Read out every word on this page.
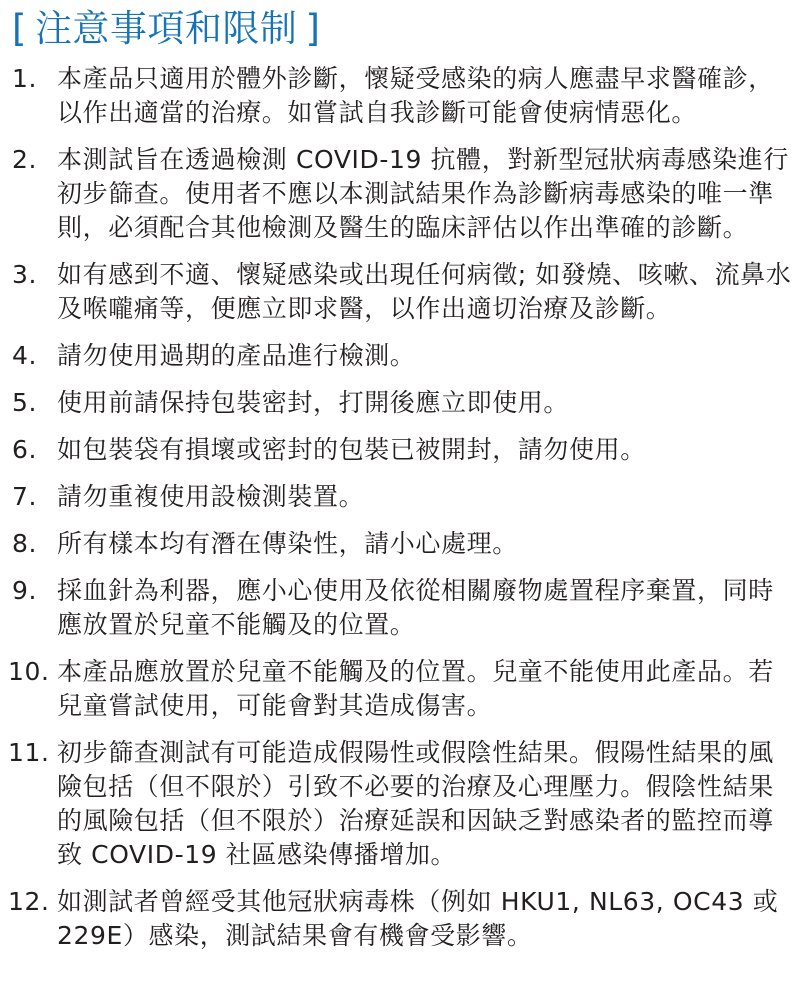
[ 注意事項和限制 ]
1. 本產品只適用於體外診斷，懷疑受感染的病人應盡早求醫確診，以作出適當的治療。如嘗試自我診斷可能會使病情惡化。
2. 本測試旨在透過檢測 COVID-19 抗體，對新型冠狀病毒感染進行初步篩查。使用者不應以本測試結果作為診斷病毒感染的唯一準則，必須配合其他檢測及醫生的臨床評估以作出準確的診斷。
3. 如有感到不適、懷疑感染或出現任何病徵; 如發燒、咳嗽、流鼻水及喉嚨痛等，便應立即求醫，以作出適切治療及診斷。
4. 請勿使用過期的產品進行檢測。
5. 使用前請保持包裝密封，打開後應立即使用。
6. 如包裝袋有損壞或密封的包裝已被開封，請勿使用。
7. 請勿重複使用設檢測裝置。
8. 所有樣本均有潛在傳染性，請小心處理。
9. 採血針為利器，應小心使用及依從相關廢物處置程序棄置，同時應放置於兒童不能觸及的位置。
10. 本產品應放置於兒童不能觸及的位置。兒童不能使用此產品。若兒童嘗試使用，可能會對其造成傷害。
11. 初步篩查測試有可能造成假陽性或假陰性結果。假陽性結果的風險包括（但不限於）引致不必要的治療及心理壓力。假陰性結果的風險包括（但不限於）治療延誤和因缺乏對感染者的監控而導致 COVID-19 社區感染傳播增加。
12. 如測試者曾經受其他冠狀病毒株（例如 HKU1, NL63, OC43 或 229E）感染，測試結果會有機會受影響。
